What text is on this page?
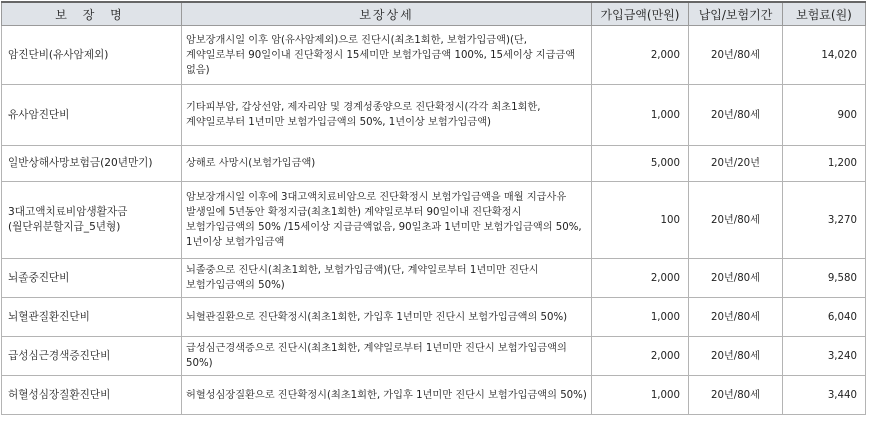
보 장 명	보장상세	가입금액(만원)	납입/보험기간	보험료(원)
암진단비(유사암제외)	암보장개시일 이후 암(유사암제외)으로 진단시(최초1회한, 보험가입금액)(단, 계약일로부터 90일이내 진단확정시 15세미만 보험가입금액 100%, 15세이상 지급금액 없음)	2,000	20년/80세	14,020
유사암진단비	기타피부암, 갑상선암, 제자리암 및 경계성종양으로 진단확정시(각각 최초1회한, 계약일로부터 1년미만 보험가입금액의 50%, 1년이상 보험가입금액)	1,000	20년/80세	900
일반상해사망보험금(20년만기)	상해로 사망시(보험가입금액)	5,000	20년/20년	1,200
3대고액치료비암생활자금(월단위분할지급_5년형)	암보장개시일 이후에 3대고액치료비암으로 진단확정시 보험가입금액을 매월 지급사유 발생일에 5년동안 확정지급(최초1회한) 계약일로부터 90일이내 진단확정시 보험가입금액의 50% /15세이상 지급금액없음, 90일초과 1년미만 보험가입금액의 50%, 1년이상 보험가입금액	100	20년/80세	3,270
뇌졸중진단비	뇌졸중으로 진단시(최초1회한, 보험가입금액)(단, 계약일로부터 1년미만 진단시 보험가입금액의 50%)	2,000	20년/80세	9,580
뇌혈관질환진단비	뇌혈관질환으로 진단확정시(최초1회한, 가입후 1년미만 진단시 보험가입금액의 50%)	1,000	20년/80세	6,040
급성심근경색증진단비	급성심근경색증으로 진단시(최초1회한, 계약일로부터 1년미만 진단시 보험가입금액의 50%)	2,000	20년/80세	3,240
허혈성심장질환진단비	허혈성심장질환으로 진단확정시(최초1회한, 가입후 1년미만 진단시 보험가입금액의 50%)	1,000	20년/80세	3,440
